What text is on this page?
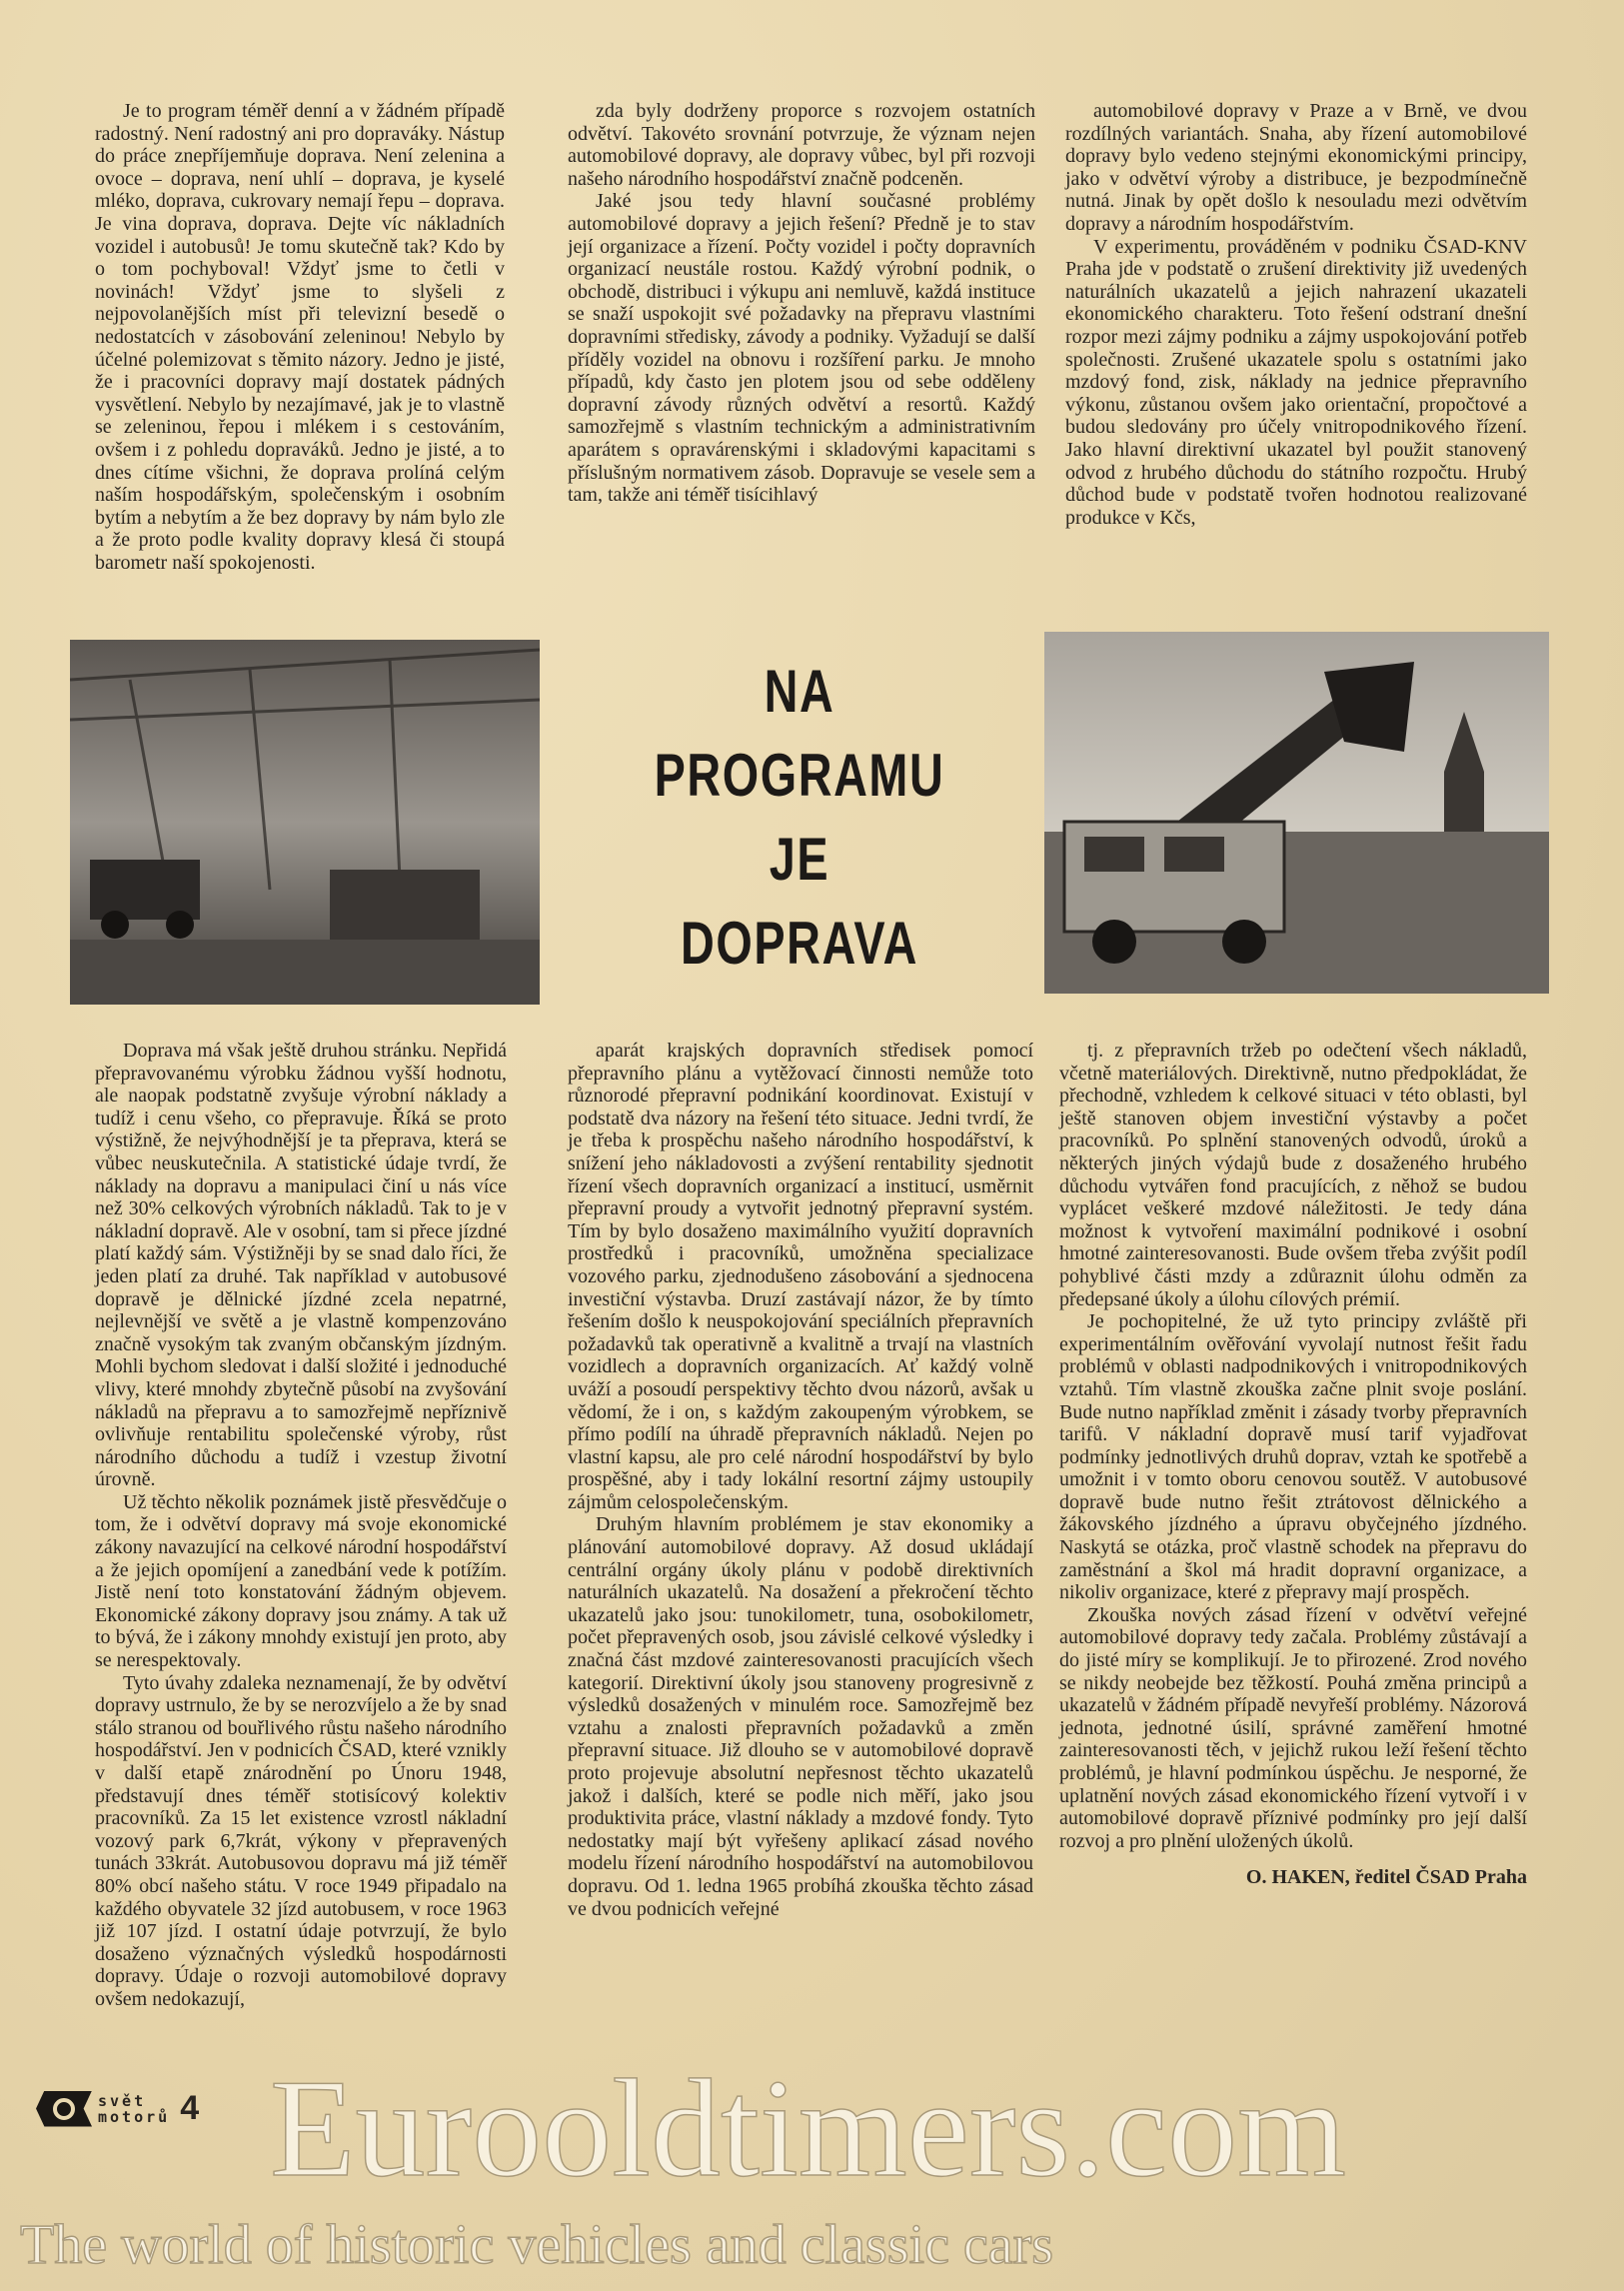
Je to program téměř denní a v žádném případě radostný. Není radostný ani pro dopraváky. Nástup do práce znepříjemňuje doprava. Není zelenina a ovoce – doprava, není uhlí – doprava, je kyselé mléko, doprava, cukrovary nemají řepu – doprava. Je vina doprava, doprava. Dejte víc nákladních vozidel i autobusů! Je tomu skutečně tak? Kdo by o tom pochyboval! Vždyť jsme to četli v novinách! Vždyť jsme to slyšeli z nejpovolanějších míst při televizní besedě o nedostatcích v zásobování zeleninou! Nebylo by účelné polemizovat s těmito názory. Jedno je jisté, že i pracovníci dopravy mají dostatek pádných vysvětlení. Nebylo by nezajímavé, jak je to vlastně se zeleninou, řepou i mlékem i s cestováním, ovšem i z pohledu dopraváků. Jedno je jisté, a to dnes cítíme všichni, že doprava prolíná celým naším hospodářským, společenským i osobním bytím a nebytím a že bez dopravy by nám bylo zle a že proto podle kvality dopravy klesá či stoupá barometr naší spokojenosti.

zda byly dodrženy proporce s rozvojem ostatních odvětví. Takovéto srovnání potvrzuje, že význam nejen automobilové dopravy, ale dopravy vůbec, byl při rozvoji našeho národního hospodářství značně podceněn.

Jaké jsou tedy hlavní současné problémy automobilové dopravy a jejich řešení? Předně je to stav její organizace a řízení. Počty vozidel i počty dopravních organizací neustále rostou. Každý výrobní podnik, o obchodě, distribuci i výkupu ani nemluvě, každá instituce se snaží uspokojit své požadavky na přepravu vlastními dopravními středisky, závody a podniky. Vyžadují se další příděly vozidel na obnovu i rozšíření parku. Je mnoho případů, kdy často jen plotem jsou od sebe odděleny dopravní závody různých odvětví a resortů. Každý samozřejmě s vlastním technickým a administrativním aparátem s opravárenskými i skladovými kapacitami s příslušným normativem zásob. Dopravuje se vesele sem a tam, takže ani téměř tisícihlavý

automobilové dopravy v Praze a v Brně, ve dvou rozdílných variantách. Snaha, aby řízení automobilové dopravy bylo vedeno stejnými ekonomickými principy, jako v odvětví výroby a distribuce, je bezpodmínečně nutná. Jinak by opět došlo k nesouladu mezi odvětvím dopravy a národním hospodářstvím.

V experimentu, prováděném v podniku ČSAD-KNV Praha jde v podstatě o zrušení direktivity již uvedených naturálních ukazatelů a jejich nahrazení ukazateli ekonomického charakteru. Toto řešení odstraní dnešní rozpor mezi zájmy podniku a zájmy uspokojování potřeb společnosti. Zrušené ukazatele spolu s ostatními jako mzdový fond, zisk, náklady na jednice přepravního výkonu, zůstanou ovšem jako orientační, propočtové a budou sledovány pro účely vnitropodnikového řízení. Jako hlavní direktivní ukazatel byl použit stanovený odvod z hrubého důchodu do státního rozpočtu. Hrubý důchod bude v podstatě tvořen hodnotou realizované produkce v Kčs,

NA
PROGRAMU
JE
DOPRAVA

Doprava má však ještě druhou stránku. Nepřidá přepravovanému výrobku žádnou vyšší hodnotu, ale naopak podstatně zvyšuje výrobní náklady a tudíž i cenu všeho, co přepravuje. Říká se proto výstižně, že nejvýhodnější je ta přeprava, která se vůbec neuskutečnila. A statistické údaje tvrdí, že náklady na dopravu a manipulaci činí u nás více než 30% celkových výrobních nákladů. Tak to je v nákladní dopravě. Ale v osobní, tam si přece jízdné platí každý sám. Výstižněji by se snad dalo říci, že jeden platí za druhé. Tak například v autobusové dopravě je dělnické jízdné zcela nepatrné, nejlevnější ve světě a je vlastně kompenzováno značně vysokým tak zvaným občanským jízdným. Mohli bychom sledovat i další složité i jednoduché vlivy, které mnohdy zbytečně působí na zvyšování nákladů na přepravu a to samozřejmě nepříznivě ovlivňuje rentabilitu společenské výroby, růst národního důchodu a tudíž i vzestup životní úrovně.

Už těchto několik poznámek jistě přesvědčuje o tom, že i odvětví dopravy má svoje ekonomické zákony navazující na celkové národní hospodářství a že jejich opomíjení a zanedbání vede k potížím. Jistě není toto konstatování žádným objevem. Ekonomické zákony dopravy jsou známy. A tak už to bývá, že i zákony mnohdy existují jen proto, aby se nerespektovaly.

Tyto úvahy zdaleka neznamenají, že by odvětví dopravy ustrnulo, že by se nerozvíjelo a že by snad stálo stranou od bouřlivého růstu našeho národního hospodářství. Jen v podnicích ČSAD, které vznikly v další etapě znárodnění po Únoru 1948, představují dnes téměř stotisícový kolektiv pracovníků. Za 15 let existence vzrostl nákladní vozový park 6,7krát, výkony v přepravených tunách 33krát. Autobusovou dopravu má již téměř 80% obcí našeho státu. V roce 1949 připadalo na každého obyvatele 32 jízd autobusem, v roce 1963 již 107 jízd. I ostatní údaje potvrzují, že bylo dosaženo význačných výsledků hospodárnosti dopravy. Údaje o rozvoji automobilové dopravy ovšem nedokazují,

aparát krajských dopravních středisek pomocí přepravního plánu a vytěžovací činnosti nemůže toto různorodé přepravní podnikání koordinovat. Existují v podstatě dva názory na řešení této situace. Jedni tvrdí, že je třeba k prospěchu našeho národního hospodářství, k snížení jeho nákladovosti a zvýšení rentability sjednotit řízení všech dopravních organizací a institucí, usměrnit přepravní proudy a vytvořit jednotný přepravní systém. Tím by bylo dosaženo maximálního využití dopravních prostředků i pracovníků, umožněna specializace vozového parku, zjednodušeno zásobování a sjednocena investiční výstavba. Druzí zastávají názor, že by tímto řešením došlo k neuspokojování speciálních přepravních požadavků tak operativně a kvalitně a trvají na vlastních vozidlech a dopravních organizacích. Ať každý volně uváží a posoudí perspektivy těchto dvou názorů, avšak u vědomí, že i on, s každým zakoupeným výrobkem, se přímo podílí na úhradě přepravních nákladů. Nejen po vlastní kapsu, ale pro celé národní hospodářství by bylo prospěšné, aby i tady lokální resortní zájmy ustoupily zájmům celospolečenským.

Druhým hlavním problémem je stav ekonomiky a plánování automobilové dopravy. Až dosud ukládají centrální orgány úkoly plánu v podobě direktivních naturálních ukazatelů. Na dosažení a překročení těchto ukazatelů jako jsou: tunokilometr, tuna, osobokilometr, počet přepravených osob, jsou závislé celkové výsledky i značná část mzdové zainteresovanosti pracujících všech kategorií. Direktivní úkoly jsou stanoveny progresivně z výsledků dosažených v minulém roce. Samozřejmě bez vztahu a znalosti přepravních požadavků a změn přepravní situace. Již dlouho se v automobilové dopravě proto projevuje absolutní nepřesnost těchto ukazatelů jakož i dalších, které se podle nich měří, jako jsou produktivita práce, vlastní náklady a mzdové fondy. Tyto nedostatky mají být vyřešeny aplikací zásad nového modelu řízení národního hospodářství na automobilovou dopravu. Od 1. ledna 1965 probíhá zkouška těchto zásad ve dvou podnicích veřejné

tj. z přepravních tržeb po odečtení všech nákladů, včetně materiálových. Direktivně, nutno předpokládat, že přechodně, vzhledem k celkové situaci v této oblasti, byl ještě stanoven objem investiční výstavby a počet pracovníků. Po splnění stanovených odvodů, úroků a některých jiných výdajů bude z dosaženého hrubého důchodu vytvářen fond pracujících, z něhož se budou vyplácet veškeré mzdové náležitosti. Je tedy dána možnost k vytvoření maximální podnikové i osobní hmotné zainteresovanosti. Bude ovšem třeba zvýšit podíl pohyblivé části mzdy a zdůraznit úlohu odměn za předepsané úkoly a úlohu cílových prémií.

Je pochopitelné, že už tyto principy zvláště při experimentálním ověřování vyvolají nutnost řešit řadu problémů v oblasti nadpodnikových i vnitropodnikových vztahů. Tím vlastně zkouška začne plnit svoje poslání. Bude nutno například změnit i zásady tvorby přepravních tarifů. V nákladní dopravě musí tarif vyjadřovat podmínky jednotlivých druhů doprav, vztah ke spotřebě a umožnit i v tomto oboru cenovou soutěž. V autobusové dopravě bude nutno řešit ztrátovost dělnického a žákovského jízdného a úpravu obyčejného jízdného. Naskytá se otázka, proč vlastně schodek na přepravu do zaměstnání a škol má hradit dopravní organizace, a nikoliv organizace, které z přepravy mají prospěch.

Zkouška nových zásad řízení v odvětví veřejné automobilové dopravy tedy začala. Problémy zůstávají a do jisté míry se komplikují. Je to přirozené. Zrod nového se nikdy neobejde bez těžkostí. Pouhá změna principů a ukazatelů v žádném případě nevyřeší problémy. Názorová jednota, jednotné úsilí, správné zaměření hmotné zainteresovanosti těch, v jejichž rukou leží řešení těchto problémů, je hlavní podmínkou úspěchu. Je nesporné, že uplatnění nových zásad ekonomického řízení vytvoří i v automobilové dopravě příznivé podmínky pro její další rozvoj a pro plnění uložených úkolů.

O. HAKEN, ředitel ČSAD Praha

svět
motorů 4 Eurooldtimers.com
The world of historic vehicles and classic cars
